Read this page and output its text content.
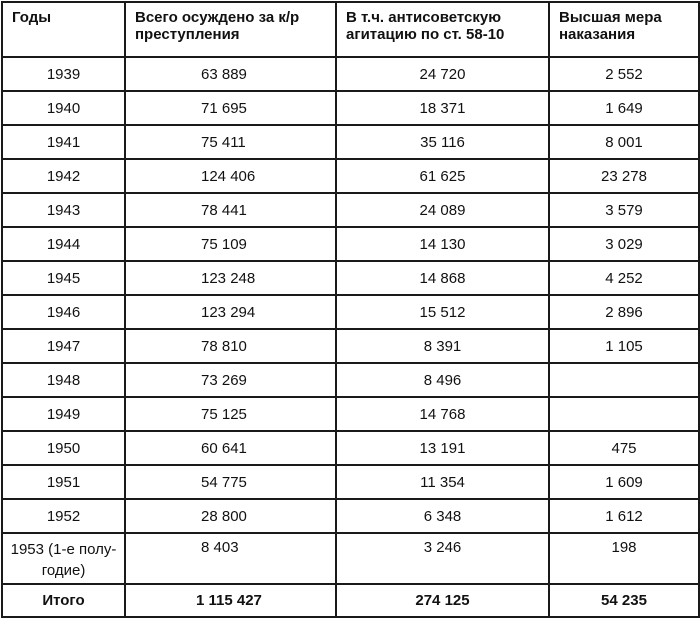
Годы	Всего осуждено за к/р преступления	В т.ч. антисоветскую агитацию по ст. 58-10	Высшая мера наказания
1939	63 889	24 720	2 552
1940	71 695	18 371	1 649
1941	75 411	35 116	8 001
1942	124 406	61 625	23 278
1943	78 441	24 089	3 579
1944	75 109	14 130	3 029
1945	123 248	14 868	4 252
1946	123 294	15 512	2 896
1947	78 810	8 391	1 105
1948	73 269	8 496	
1949	75 125	14 768	
1950	60 641	13 191	475
1951	54 775	11 354	1 609
1952	28 800	6 348	1 612
1953 (1-е полу-годие)	8 403	3 246	198
Итого	1 115 427	274 125	54 235
